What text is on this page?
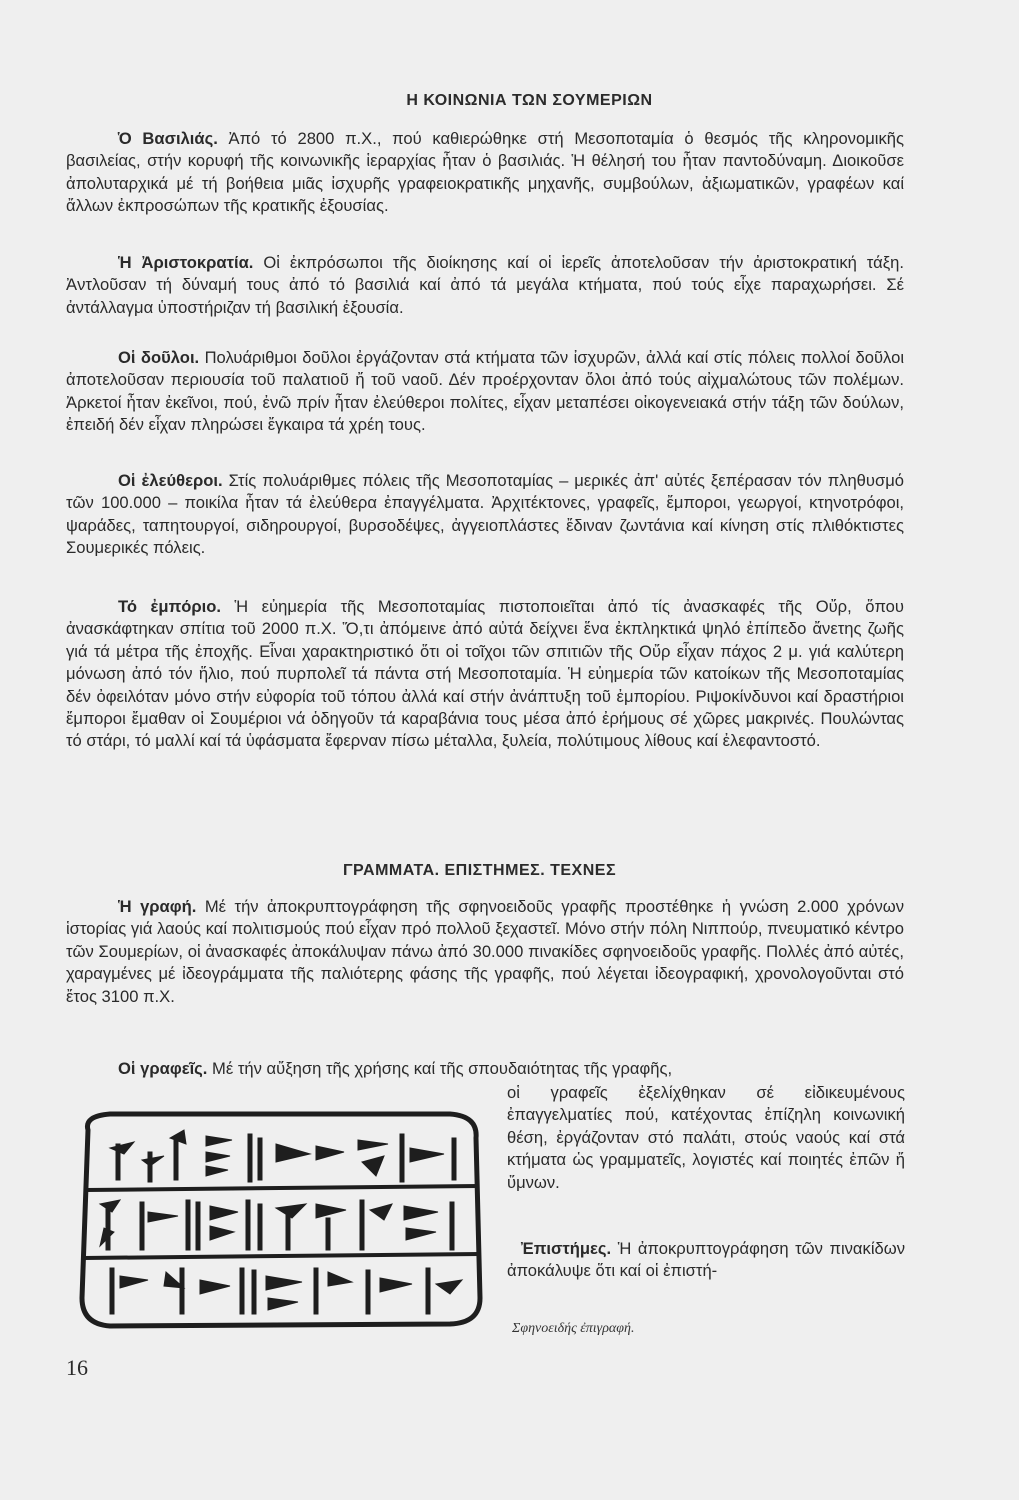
Η ΚΟΙΝΩΝΙΑ ΤΩΝ ΣΟΥΜΕΡΙΩΝ

Ὁ Βασιλιάς. Ἀπό τό 2800 π.Χ., πού καθιερώθηκε στή Μεσοποταμία ὁ θεσμός τῆς κληρονομικῆς βασιλείας, στήν κορυφή τῆς κοινωνικῆς ἱεραρχίας ἦταν ὁ βασιλιάς. Ἡ θέλησή του ἦταν παντοδύναμη. Διοικοῦσε ἀπολυταρχικά μέ τή βοήθεια μιᾶς ἰσχυρῆς γραφειοκρατικῆς μηχανῆς, συμβούλων, ἀξιωματικῶν, γραφέων καί ἄλλων ἐκπροσώπων τῆς κρατικῆς ἐξουσίας.

Ἡ Ἀριστοκρατία. Οἱ ἐκπρόσωποι τῆς διοίκησης καί οἱ ἱερεῖς ἀποτελοῦσαν τήν ἀριστοκρατική τάξη. Ἀντλοῦσαν τή δύναμή τους ἀπό τό βασιλιά καί ἀπό τά μεγάλα κτήματα, πού τούς εἶχε παραχωρήσει. Σέ ἀντάλλαγμα ὑποστήριζαν τή βασιλική ἐξουσία.

Οἱ δοῦλοι. Πολυάριθμοι δοῦλοι ἐργάζονταν στά κτήματα τῶν ἰσχυρῶν, ἀλλά καί στίς πόλεις πολλοί δοῦλοι ἀποτελοῦσαν περιουσία τοῦ παλατιοῦ ἤ τοῦ ναοῦ. Δέν προέρχονταν ὅλοι ἀπό τούς αἰχμαλώτους τῶν πολέμων. Ἀρκετοί ἦταν ἐκεῖνοι, πού, ἐνῶ πρίν ἦταν ἐλεύθεροι πολίτες, εἶχαν μεταπέσει οἰκογενειακά στήν τάξη τῶν δούλων, ἐπειδή δέν εἶχαν πληρώσει ἔγκαιρα τά χρέη τους.

Οἱ ἐλεύθεροι. Στίς πολυάριθμες πόλεις τῆς Μεσοποταμίας – μερικές ἀπ' αὐτές ξεπέρασαν τόν πληθυσμό τῶν 100.000 – ποικίλα ἦταν τά ἐλεύθερα ἐπαγγέλματα. Ἀρχιτέκτονες, γραφεῖς, ἔμποροι, γεωργοί, κτηνοτρόφοι, ψαράδες, ταπητουργοί, σιδηρουργοί, βυρσοδέψες, ἀγγειοπλάστες ἔδιναν ζωντάνια καί κίνηση στίς πλιθόκτιστες Σουμερικές πόλεις.

Τό ἐμπόριο. Ἡ εὐημερία τῆς Μεσοποταμίας πιστοποιεῖται ἀπό τίς ἀνασκαφές τῆς Οὔρ, ὅπου ἀνασκάφτηκαν σπίτια τοῦ 2000 π.Χ. Ὅ,τι ἀπόμεινε ἀπό αὐτά δείχνει ἕνα ἐκπληκτικά ψηλό ἐπίπεδο ἄνετης ζωῆς γιά τά μέτρα τῆς ἐποχῆς. Εἶναι χαρακτηριστικό ὅτι οἱ τοῖχοι τῶν σπιτιῶν τῆς Οὔρ εἶχαν πάχος 2 μ. γιά καλύτερη μόνωση ἀπό τόν ἥλιο, πού πυρπολεῖ τά πάντα στή Μεσοποταμία. Ἡ εὐημερία τῶν κατοίκων τῆς Μεσοποταμίας δέν ὀφειλόταν μόνο στήν εὐφορία τοῦ τόπου ἀλλά καί στήν ἀνάπτυξη τοῦ ἐμπορίου. Ριψοκίνδυνοι καί δραστήριοι ἔμποροι ἔμαθαν οἱ Σουμέριοι νά ὁδηγοῦν τά καραβάνια τους μέσα ἀπό ἐρήμους σέ χῶρες μακρινές. Πουλώντας τό στάρι, τό μαλλί καί τά ὑφάσματα ἔφερναν πίσω μέταλλα, ξυλεία, πολύτιμους λίθους καί ἐλεφαντοστό.

ΓΡΑΜΜΑΤΑ. ΕΠΙΣΤΗΜΕΣ. ΤΕΧΝΕΣ

Ἡ γραφή. Μέ τήν ἀποκρυπτογράφηση τῆς σφηνοειδοῦς γραφῆς προστέθηκε ἡ γνώση 2.000 χρόνων ἱστορίας γιά λαούς καί πολιτισμούς πού εἶχαν πρό πολλοῦ ξεχαστεῖ. Μόνο στήν πόλη Νιππούρ, πνευματικό κέντρο τῶν Σουμερίων, οἱ ἀνασκαφές ἀποκάλυψαν πάνω ἀπό 30.000 πινακίδες σφηνοειδοῦς γραφῆς. Πολλές ἀπό αὐτές, χαραγμένες μέ ἰδεογράμματα τῆς παλιότερης φάσης τῆς γραφῆς, πού λέγεται ἰδεογραφική, χρονολογοῦνται στό ἔτος 3100 π.Χ.

Οἱ γραφεῖς. Μέ τήν αὔξηση τῆς χρήσης καί τῆς σπουδαιότητας τῆς γραφῆς,

οἱ γραφεῖς ἐξελίχθηκαν σέ εἰδικευμένους ἐπαγγελματίες πού, κατέχοντας ἐπίζηλη κοινωνική θέση, ἐργάζονταν στό παλάτι, στούς ναούς καί στά κτήματα ὡς γραμματεῖς, λογιστές καί ποιητές ἐπῶν ἤ ὕμνων.

Ἐπιστήμες. Ἡ ἀποκρυπτογράφηση τῶν πινακίδων ἀποκάλυψε ὅτι καί οἱ ἐπιστή-

Σφηνοειδής ἐπιγραφή.
16
